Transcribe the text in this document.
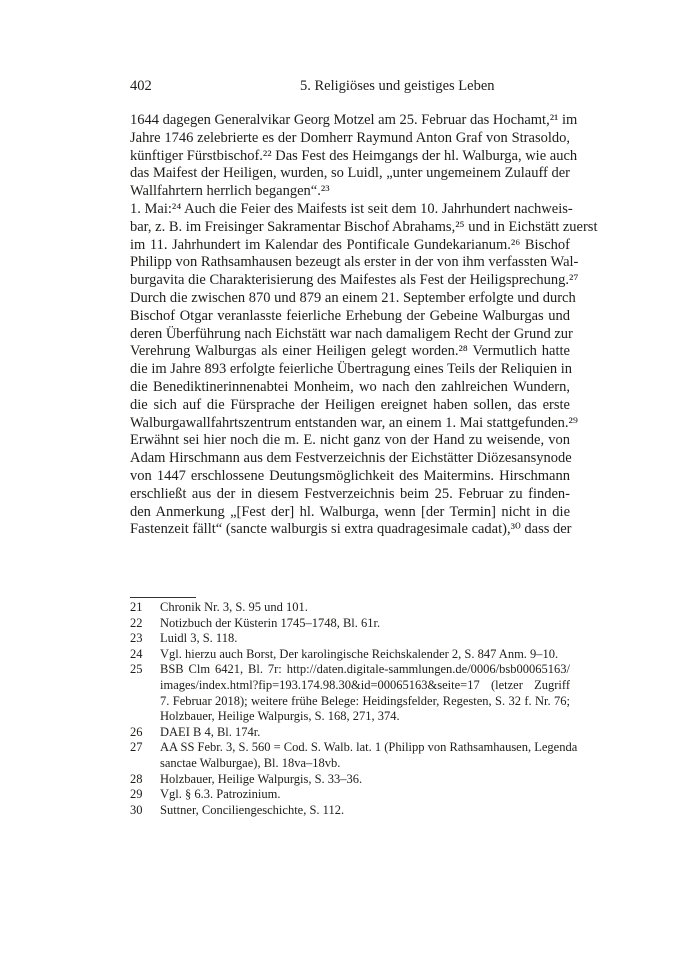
402	5. Religiöses und geistiges Leben
1644 dagegen Generalvikar Georg Motzel am 25. Februar das Hochamt,²¹ im
Jahre 1746 zelebrierte es der Domherr Raymund Anton Graf von Strasoldo,
künftiger Fürstbischof.²² Das Fest des Heimgangs der hl. Walburga, wie auch
das Maifest der Heiligen, wurden, so Luidl, „unter ungemeinem Zulauff der
Wallfahrtern herrlich begangen“.²³
1. Mai:²⁴ Auch die Feier des Maifests ist seit dem 10. Jahrhundert nachweis-
bar, z. B. im Freisinger Sakramentar Bischof Abrahams,²⁵ und in Eichstätt zuerst
im 11. Jahrhundert im Kalendar des Pontificale Gundekarianum.²⁶ Bischof
Philipp von Rathsamhausen bezeugt als erster in der von ihm verfassten Wal-
burgavita die Charakterisierung des Maifestes als Fest der Heiligsprechung.²⁷
Durch die zwischen 870 und 879 an einem 21. September erfolgte und durch
Bischof Otgar veranlasste feierliche Erhebung der Gebeine Walburgas und
deren Überführung nach Eichstätt war nach damaligem Recht der Grund zur
Verehrung Walburgas als einer Heiligen gelegt worden.²⁸ Vermutlich hatte
die im Jahre 893 erfolgte feierliche Übertragung eines Teils der Reliquien in
die Benediktinerinnenabtei Monheim, wo nach den zahlreichen Wundern,
die sich auf die Fürsprache der Heiligen ereignet haben sollen, das erste
Walburgawallfahrtszentrum entstanden war, an einem 1. Mai stattgefunden.²⁹
Erwähnt sei hier noch die m. E. nicht ganz von der Hand zu weisende, von
Adam Hirschmann aus dem Festverzeichnis der Eichstätter Diözesansynode
von 1447 erschlossene Deutungsmöglichkeit des Maitermins. Hirschmann
erschließt aus der in diesem Festverzeichnis beim 25. Februar zu finden-
den Anmerkung „[Fest der] hl. Walburga, wenn [der Termin] nicht in die
Fastenzeit fällt“ (sancte walburgis si extra quadragesimale cadat),³⁰ dass der
21 Chronik Nr. 3, S. 95 und 101.
22 Notizbuch der Küsterin 1745–1748, Bl. 61r.
23 Luidl 3, S. 118.
24 Vgl. hierzu auch Borst, Der karolingische Reichskalender 2, S. 847 Anm. 9–10.
25 BSB Clm 6421, Bl. 7r: http://daten.digitale-sammlungen.de/0006/bsb00065163/
images/index.html?fip=193.174.98.30&id=00065163&seite=17 (letzer Zugriff
7. Februar 2018); weitere frühe Belege: Heidingsfelder, Regesten, S. 32 f. Nr. 76;
Holzbauer, Heilige Walpurgis, S. 168, 271, 374.
26 DAEI B 4, Bl. 174r.
27 AA SS Febr. 3, S. 560 = Cod. S. Walb. lat. 1 (Philipp von Rathsamhausen, Legenda
sanctae Walburgae), Bl. 18va–18vb.
28 Holzbauer, Heilige Walpurgis, S. 33–36.
29 Vgl. § 6.3. Patrozinium.
30 Suttner, Conciliengeschichte, S. 112.
